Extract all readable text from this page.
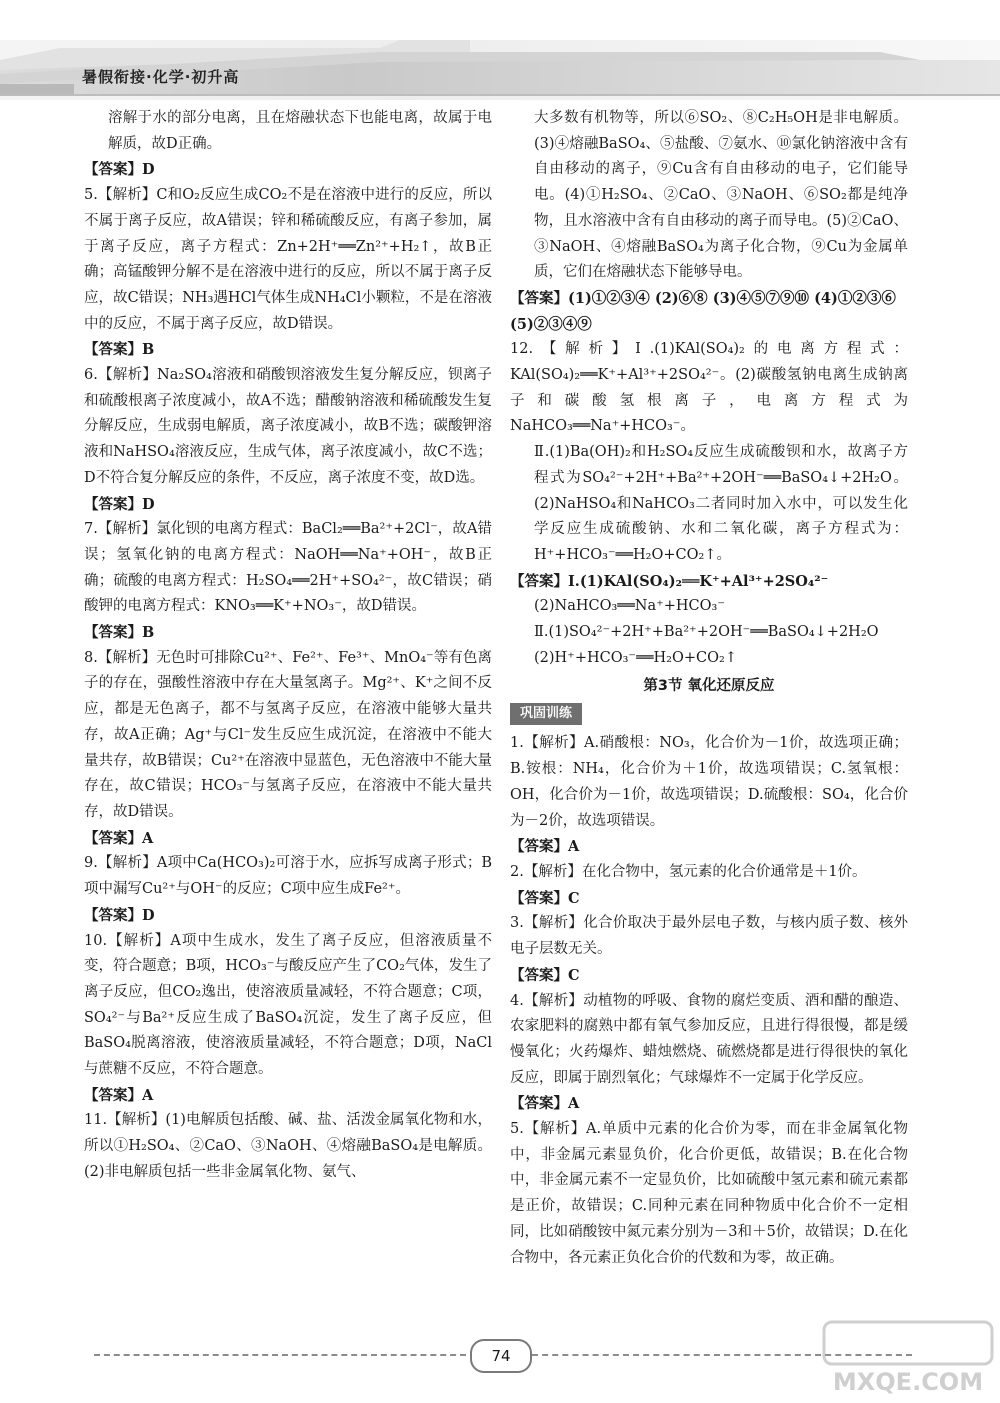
暑假衔接·化学·初升高

溶解于水的部分电离，且在熔融状态下也能电离，故属于电解质，故D正确。

【答案】D

5.【解析】C和O₂反应生成CO₂不是在溶液中进行的反应，所以不属于离子反应，故A错误；锌和稀硫酸反应，有离子参加，属于离子反应，离子方程式：Zn+2H⁺══Zn²⁺+H₂↑，故B正确；高锰酸钾分解不是在溶液中进行的反应，所以不属于离子反应，故C错误；NH₃遇HCl气体生成NH₄Cl小颗粒，不是在溶液中的反应，不属于离子反应，故D错误。

【答案】B

6.【解析】Na₂SO₄溶液和硝酸钡溶液发生复分解反应，钡离子和硫酸根离子浓度减小，故A不选；醋酸钠溶液和稀硫酸发生复分解反应，生成弱电解质，离子浓度减小，故B不选；碳酸钾溶液和NaHSO₄溶液反应，生成气体，离子浓度减小，故C不选；D不符合复分解反应的条件，不反应，离子浓度不变，故D选。

【答案】D

7.【解析】氯化钡的电离方程式：BaCl₂══Ba²⁺+2Cl⁻，故A错误；氢氧化钠的电离方程式：NaOH══Na⁺+OH⁻，故B正确；硫酸的电离方程式：H₂SO₄══2H⁺+SO₄²⁻，故C错误；硝酸钾的电离方程式：KNO₃══K⁺+NO₃⁻，故D错误。

【答案】B

8.【解析】无色时可排除Cu²⁺、Fe²⁺、Fe³⁺、MnO₄⁻等有色离子的存在，强酸性溶液中存在大量氢离子。Mg²⁺、K⁺之间不反应，都是无色离子，都不与氢离子反应，在溶液中能够大量共存，故A正确；Ag⁺与Cl⁻发生反应生成沉淀，在溶液中不能大量共存，故B错误；Cu²⁺在溶液中显蓝色，无色溶液中不能大量存在，故C错误；HCO₃⁻与氢离子反应，在溶液中不能大量共存，故D错误。

【答案】A

9.【解析】A项中Ca(HCO₃)₂可溶于水，应拆写成离子形式；B项中漏写Cu²⁺与OH⁻的反应；C项中应生成Fe²⁺。

【答案】D

10.【解析】A项中生成水，发生了离子反应，但溶液质量不变，符合题意；B项，HCO₃⁻与酸反应产生了CO₂气体，发生了离子反应，但CO₂逸出，使溶液质量减轻，不符合题意；C项，SO₄²⁻与Ba²⁺反应生成了BaSO₄沉淀，发生了离子反应，但BaSO₄脱离溶液，使溶液质量减轻，不符合题意；D项，NaCl与蔗糖不反应，不符合题意。

【答案】A

11.【解析】(1)电解质包括酸、碱、盐、活泼金属氧化物和水，所以①H₂SO₄、②CaO、③NaOH、④熔融BaSO₄是电解质。(2)非电解质包括一些非金属氧化物、氨气、

大多数有机物等，所以⑥SO₂、⑧C₂H₅OH是非电解质。(3)④熔融BaSO₄、⑤盐酸、⑦氨水、⑩氯化钠溶液中含有自由移动的离子，⑨Cu含有自由移动的电子，它们能导电。(4)①H₂SO₄、②CaO、③NaOH、⑥SO₂都是纯净物，且水溶液中含有自由移动的离子而导电。(5)②CaO、③NaOH、④熔融BaSO₄为离子化合物，⑨Cu为金属单质，它们在熔融状态下能够导电。

【答案】(1)①②③④ (2)⑥⑧ (3)④⑤⑦⑨⑩ (4)①②③⑥ (5)②③④⑨

12.【解析】Ⅰ.(1)KAl(SO₄)₂的电离方程式：KAl(SO₄)₂══K⁺+Al³⁺+2SO₄²⁻。(2)碳酸氢钠电离生成钠离子和碳酸氢根离子，电离方程式为NaHCO₃══Na⁺+HCO₃⁻。

Ⅱ.(1)Ba(OH)₂和H₂SO₄反应生成硫酸钡和水，故离子方程式为SO₄²⁻+2H⁺+Ba²⁺+2OH⁻══BaSO₄↓+2H₂O。(2)NaHSO₄和NaHCO₃二者同时加入水中，可以发生化学反应生成硫酸钠、水和二氧化碳，离子方程式为：H⁺+HCO₃⁻══H₂O+CO₂↑。

【答案】Ⅰ.(1)KAl(SO₄)₂══K⁺+Al³⁺+2SO₄²⁻

(2)NaHCO₃══Na⁺+HCO₃⁻

Ⅱ.(1)SO₄²⁻+2H⁺+Ba²⁺+2OH⁻══BaSO₄↓+2H₂O

(2)H⁺+HCO₃⁻══H₂O+CO₂↑

第3节 氧化还原反应

巩固训练

1.【解析】A.硝酸根：NO₃，化合价为－1价，故选项正确；B.铵根：NH₄，化合价为＋1价，故选项错误；C.氢氧根：OH，化合价为－1价，故选项错误；D.硫酸根：SO₄，化合价为－2价，故选项错误。

【答案】A

2.【解析】在化合物中，氢元素的化合价通常是＋1价。

【答案】C

3.【解析】化合价取决于最外层电子数，与核内质子数、核外电子层数无关。

【答案】C

4.【解析】动植物的呼吸、食物的腐烂变质、酒和醋的酿造、农家肥料的腐熟中都有氧气参加反应，且进行得很慢，都是缓慢氧化；火药爆炸、蜡烛燃烧、硫燃烧都是进行得很快的氧化反应，即属于剧烈氧化；气球爆炸不一定属于化学反应。

【答案】A

5.【解析】A.单质中元素的化合价为零，而在非金属氧化物中，非金属元素显负价，化合价更低，故错误；B.在化合物中，非金属元素不一定显负价，比如硫酸中氢元素和硫元素都是正价，故错误；C.同种元素在同种物质中化合价不一定相同，比如硝酸铵中氮元素分别为－3和＋5价，故错误；D.在化合物中，各元素正负化合价的代数和为零，故正确。

74
MXQE.COM
